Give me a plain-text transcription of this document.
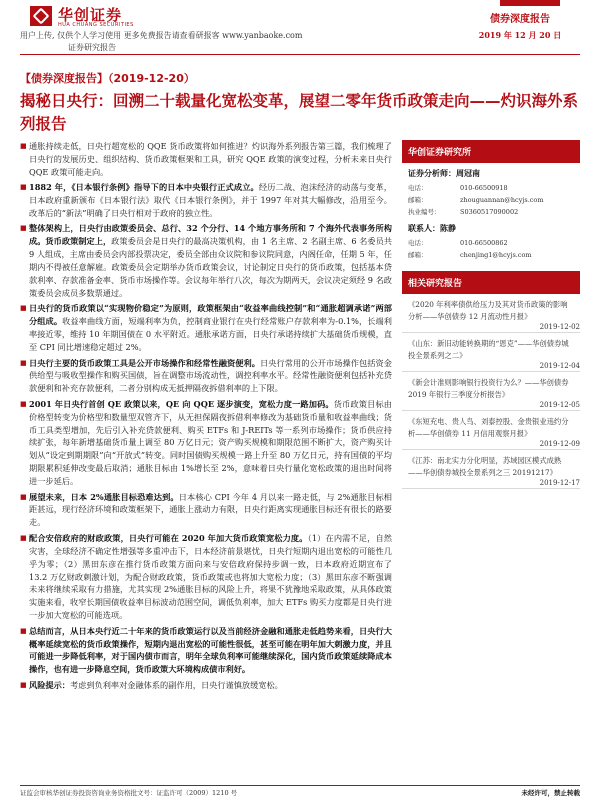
华创证券
HUA CHUANG SECURITIES
用户上传, 仅供个人学习使用 更多免费报告请查看研报客 www.yanbaoke.com
证券研究报告
债券深度报告
2019 年 12 月 20 日
【债券深度报告】（2019-12-20）
揭秘日央行：回溯二十载量化宽松变革，展望二零年货币政策走向——灼识海外系列报告
■ 通胀持续走低，日央行超宽松的 QQE 货币政策将如何推进？灼识海外系列报告第三篇，我们梳理了日央行的发展历史、组织结构、货币政策框架和工具，研究 QQE 政策的演变过程，分析未来日央行 QQE 政策可能走向。
■ 1882 年，《日本银行条例》指导下的日本中央银行正式成立。经历二战、泡沫经济的动荡与变革，日本政府重新颁布《日本银行法》取代《日本银行条例》，并于 1997 年对其大幅修改，沿用至今。改革后的“新法”明确了日央行相对于政府的独立性。
■ 整体架构上，日央行由政策委员会、总行、32 个分行、14 个地方事务所和 7 个海外代表事务所构成。货币政策制定上，政策委员会是日央行的最高决策机构，由 1 名主席、2 名副主席、6 名委员共 9 人组成，主席由委员会内部投票决定，委员全部由众议院和参议院同意，内阁任命，任期 5 年，任期内不得被任意解雇。政策委员会定期举办货币政策会议，讨论制定日央行的货币政策，包括基本贷款利率、存款准备金率、货币市场操作等。会议每年举行八次，每次为期两天，会议决定须经 9 名政策委员会成员多数票通过。
■ 日央行的货币政策以“实现物价稳定”为原则，政策框架由“收益率曲线控制”和“通胀超调承诺”两部分组成。收益率曲线方面，短端利率为负，控制商业银行在央行经常账户存款利率为-0.1%，长端利率接近零，维持 10 年期国债在 0 水平附近。通胀承诺方面，日央行承诺持续扩大基础货币规模，直至 CPI 同比增速稳定超过 2%。
■ 日央行主要的货币政策工具是公开市场操作和经常性融资便利。日央行常用的公开市场操作包括资金供给型与吸收型操作和购买国债，旨在调整市场流动性，调控利率水平。经常性融资便利包括补充贷款便利和补充存款便利，二者分别构成无抵押隔夜拆借利率的上下限。
■ 2001 年日央行首创 QE 政策以来，QE 向 QQE 逐步演变，宽松力度一路加码。货币政策目标由价格型转变为价格型和数量型双管齐下，从无担保隔夜拆借利率修改为基础货币量和收益率曲线；货币工具类型增加，先后引入补充贷款便利、购买 ETFs 和 J-REITs 等一系列市场操作；货币供应持续扩张，每年新增基础货币量上调至 80 万亿日元；资产购买规模和期限范围不断扩大，资产购买计划从“设定到期期限”向“开放式”转变。同时国债购买规模一路上升至 80 万亿日元，持有国债的平均期限累积延伸改变最后取消；通胀目标由 1%增长至 2%，意味着日央行量化宽松政策的退出时间将进一步延后。
■ 展望未来，日本 2%通胀目标恐难达到。日本核心 CPI 今年 4 月以来一路走低，与 2%通胀目标相距甚远，现行经济环境和政策框架下，通胀上涨动力有限，日央行距离实现通胀目标还有很长的路要走。
■ 配合安倍政府的财政政策，日央行可能在 2020 年加大货币政策宽松力度。（1）在内需不足，自然灾害，全球经济不确定性增强等多重冲击下，日本经济前景堪忧，日央行短期内退出宽松的可能性几乎为零；（2）黑田东彦在推行货币政策方面向来与安倍政府保持步调一致，日本政府近期宣布了 13.2 万亿财政刺激计划，为配合财政政策，货币政策或也将加大宽松力度；（3）黑田东彦不断强调未来将继续采取有力措施，尤其实现 2%通胀目标的风险上升，将果不犹豫地采取政策，从具体政策实施来看，收窄长期国债收益率目标波动范围空间，调低负利率，加大 ETFs 购买力度都是日央行进一步加大宽松的可能选项。
■ 总结而言，从日本央行近二十年来的货币政策运行以及当前经济金融和通胀走低趋势来看，日央行大概率延续宽松的货币政策操作，短期内退出宽松的可能性很低，甚至可能在明年加大刺激力度，并且可能进一步降低利率，对于国内债市而言，明年全球负利率可能继续深化，国内货币政策延续降成本操作，也有进一步降息空间，货币政策大环境构成债市利好。
■ 风险提示：考虑到负利率对金融体系的副作用，日央行谨慎放缓宽松。
华创证券研究所
证券分析师：周冠南
电话：	010-66500918
邮箱：	zhouguannan@hcyjs.com
执业编号：	S0360517090002
联系人：陈静
电话：	010-66500862
邮箱：	chenjing1@hcyjs.com
相关研究报告
《2020 年利率债供给压力及其对货币政策的影响分析——华创债券 12 月流动性月报》
2019-12-02
《山东：新旧动能转换期的“恩克”——华创债券城投全景系列之二》
2019-12-04
《新会计准则影响银行投资行为么？——华创债券 2019 年银行三季度分析报告》
2019-12-05
《东短充电、贵人鸟、刘泰控股、金贵银业违约分析——华创债券 11 月信用观察月报》
2019-12-09
《江苏：南北实力分化明显，苏域园区模式成熟——华创债券城投全景系列之三 20191217》
2019-12-17
证监会审核华创证券投资咨询业务资格批文号：证监许可（2009）1210 号	未经许可，禁止转载
